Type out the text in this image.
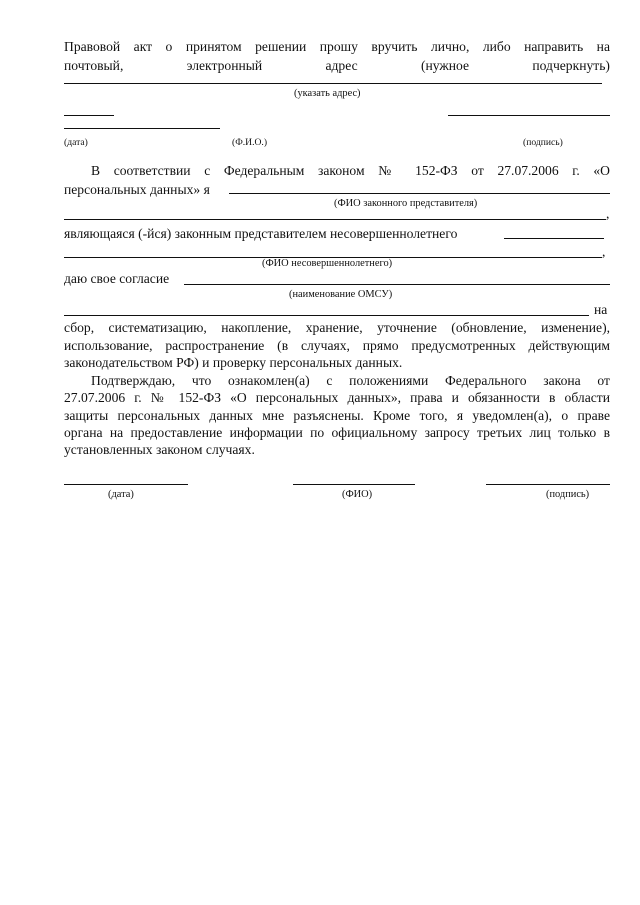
Правовой акт о принятом решении прошу вручить лично, либо направить на
почтовый,	электронный	адрес	(нужное	подчеркнуть)
(указать адрес)
(дата)	(Ф.И.О.)	(подпись)
В соответствии с Федеральным законом № 152-ФЗ от 27.07.2006 г. «О
персональных данных» я
(ФИО законного представителя)
,
являющаяся (-йся) законным представителем несовершеннолетнего
,
(ФИО несовершеннолетнего)
даю свое согласие
(наименование ОМСУ)
на
сбор, систематизацию, накопление, хранение, уточнение (обновление, изменение),
использование, распространение (в случаях, прямо предусмотренных действующим
законодательством РФ) и проверку персональных данных.
Подтверждаю, что ознакомлен(а) с положениями Федерального закона от
27.07.2006 г. № 152-ФЗ «О персональных данных», права и обязанности в области
защиты персональных данных мне разъяснены. Кроме того, я уведомлен(а), о праве
органа на предоставление информации по официальному запросу третьих лиц только в
установленных законом случаях.
(дата)	(ФИО)	(подпись)
